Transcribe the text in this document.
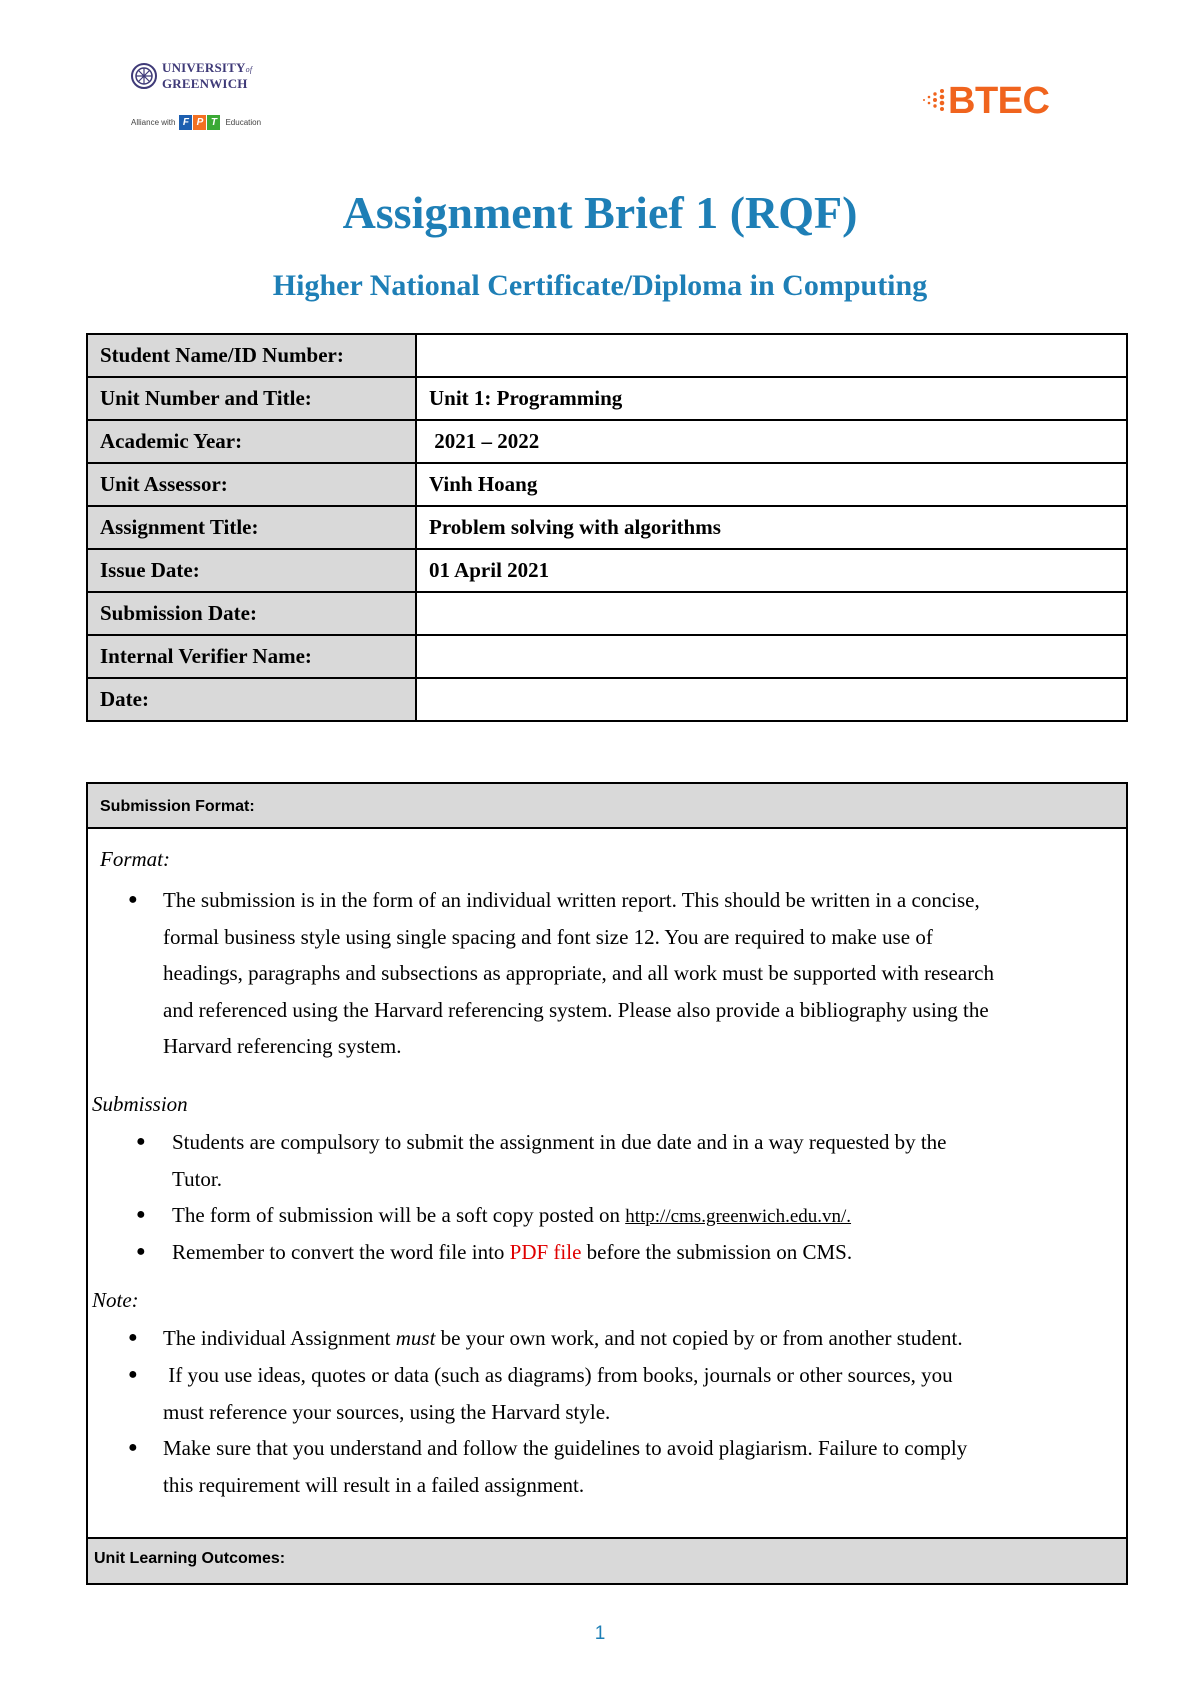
UNIVERSITYof
GREENWICH
Alliance with F P T	Education	BTEC
Assignment Brief 1 (RQF)
Higher National Certificate/Diploma in Computing
Student Name/ID Number:	
Unit Number and Title:	Unit 1: Programming
Academic Year:	2021 – 2022
Unit Assessor:	Vinh Hoang
Assignment Title:	Problem solving with algorithms
Issue Date:	01 April 2021
Submission Date:	
Internal Verifier Name:	
Date:	
Submission Format:
Format:
●	The submission is in the form of an individual written report. This should be written in a concise,
formal business style using single spacing and font size 12. You are required to make use of
headings, paragraphs and subsections as appropriate, and all work must be supported with research
and referenced using the Harvard referencing system. Please also provide a bibliography using the
Harvard referencing system.
Submission
●	Students are compulsory to submit the assignment in due date and in a way requested by the
Tutor.
●	The form of submission will be a soft copy posted on http://cms.greenwich.edu.vn/.
●	Remember to convert the word file into PDF file before the submission on CMS.
Note:
●	The individual Assignment must be your own work, and not copied by or from another student.
●	If you use ideas, quotes or data (such as diagrams) from books, journals or other sources, you
must reference your sources, using the Harvard style.
●	Make sure that you understand and follow the guidelines to avoid plagiarism. Failure to comply
this requirement will result in a failed assignment.
Unit Learning Outcomes:
1
